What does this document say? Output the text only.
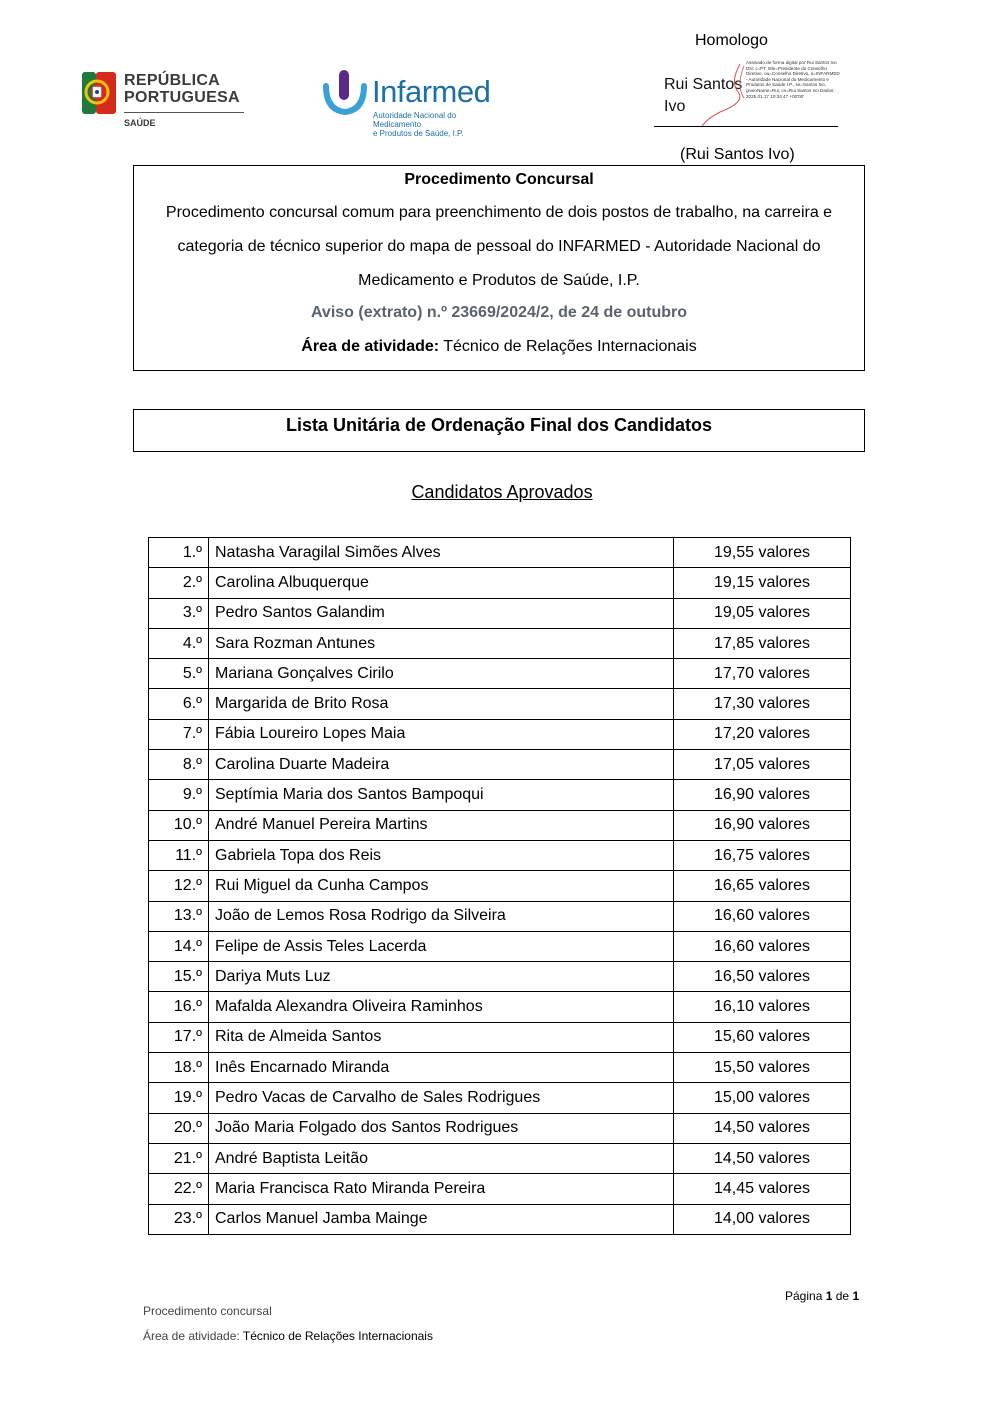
REPÚBLICA
PORTUGUESA
SAÚDE
Infarmed
Autoridade Nacional do Medicamento
e Produtos de Saúde, I.P.
Homologo
Rui Santos
Ivo
Assinado de forma digital por Rui Santos Ivo DN: c=PT, title=Presidente do Conselho Diretivo, ou=Conselho Diretivo, o=INFARMED - Autoridade Nacional do Medicamento e Produtos de Saúde I.P., sn=Santos Ivo, givenName=Rui, cn=Rui Santos Ivo Dados: 2025.01.17 10:34:47 +00'00'
(Rui Santos Ivo)
Procedimento Concursal
Procedimento concursal comum para preenchimento de dois postos de trabalho, na carreira e categoria de técnico superior do mapa de pessoal do INFARMED - Autoridade Nacional do Medicamento e Produtos de Saúde, I.P.
Aviso (extrato) n.º 23669/2024/2, de 24 de outubro
Área de atividade: Técnico de Relações Internacionais
Lista Unitária de Ordenação Final dos Candidatos
Candidatos Aprovados
1.º	Natasha Varagilal Simões Alves	19,55 valores
2.º	Carolina Albuquerque	19,15 valores
3.º	Pedro Santos Galandim	19,05 valores
4.º	Sara Rozman Antunes	17,85 valores
5.º	Mariana Gonçalves Cirilo	17,70 valores
6.º	Margarida de Brito Rosa	17,30 valores
7.º	Fábia Loureiro Lopes Maia	17,20 valores
8.º	Carolina Duarte Madeira	17,05 valores
9.º	Septímia Maria dos Santos Bampoqui	16,90 valores
10.º	André Manuel Pereira Martins	16,90 valores
11.º	Gabriela Topa dos Reis	16,75 valores
12.º	Rui Miguel da Cunha Campos	16,65 valores
13.º	João de Lemos Rosa Rodrigo da Silveira	16,60 valores
14.º	Felipe de Assis Teles Lacerda	16,60 valores
15.º	Dariya Muts Luz	16,50 valores
16.º	Mafalda Alexandra Oliveira Raminhos	16,10 valores
17.º	Rita de Almeida Santos	15,60 valores
18.º	Inês Encarnado Miranda	15,50 valores
19.º	Pedro Vacas de Carvalho de Sales Rodrigues	15,00 valores
20.º	João Maria Folgado dos Santos Rodrigues	14,50 valores
21.º	André Baptista Leitão	14,50 valores
22.º	Maria Francisca Rato Miranda Pereira	14,45 valores
23.º	Carlos Manuel Jamba Mainge	14,00 valores
Página 1 de 1
Procedimento concursal
Área de atividade: Técnico de Relações Internacionais
